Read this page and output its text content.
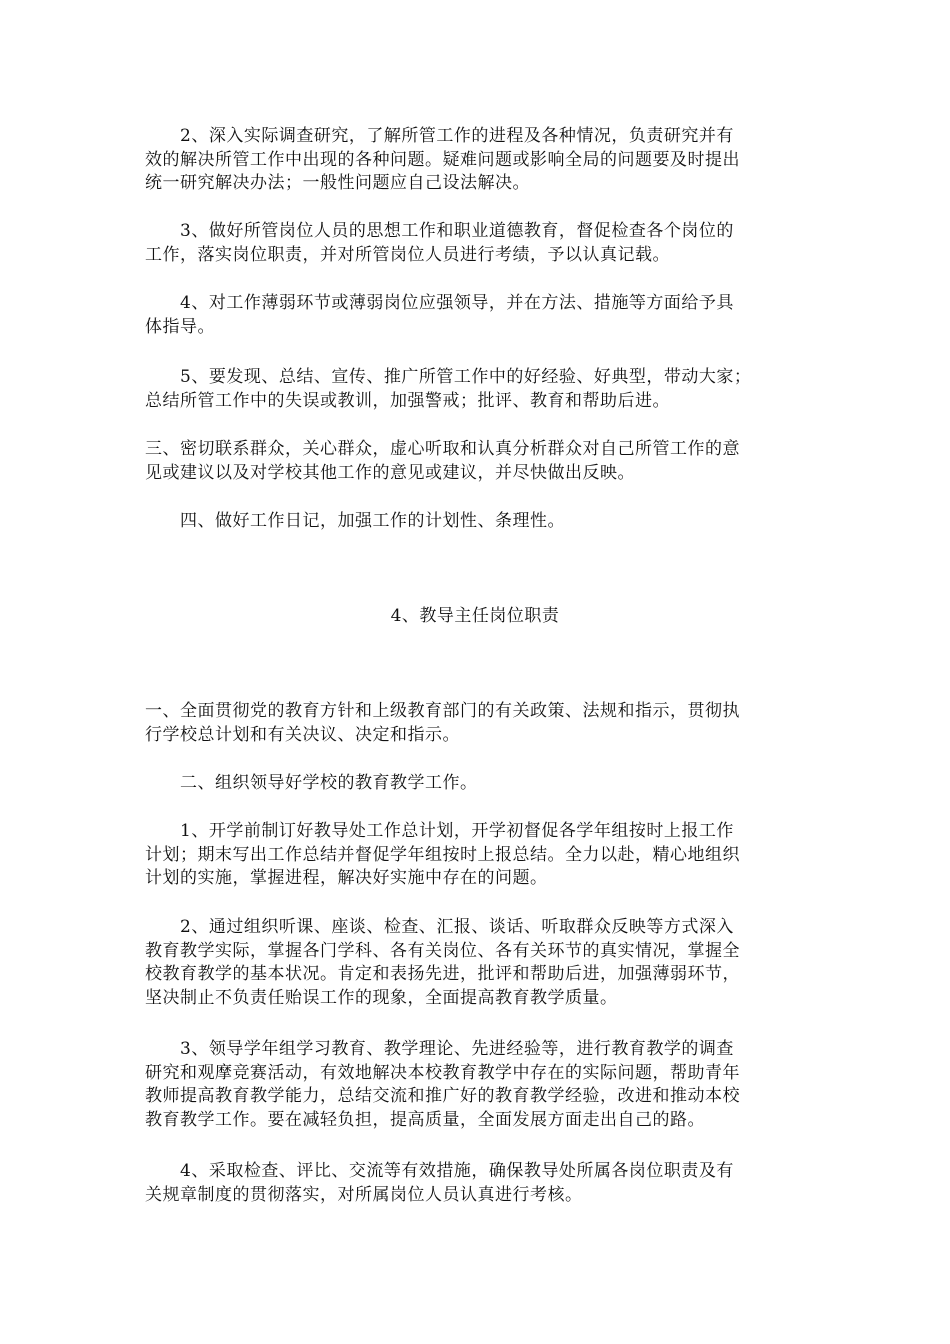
　　2、深入实际调查研究，了解所管工作的进程及各种情况，负责研究并有
效的解决所管工作中出现的各种问题。疑难问题或影响全局的问题要及时提出
统一研究解决办法；一般性问题应自己设法解决。

　　3、做好所管岗位人员的思想工作和职业道德教育，督促检查各个岗位的
工作，落实岗位职责，并对所管岗位人员进行考绩，予以认真记载。

　　4、对工作薄弱环节或薄弱岗位应强领导，并在方法、措施等方面给予具
体指导。

　　5、要发现、总结、宣传、推广所管工作中的好经验、好典型，带动大家；
总结所管工作中的失误或教训，加强警戒；批评、教育和帮助后进。

三、密切联系群众，关心群众，虚心听取和认真分析群众对自己所管工作的意
见或建议以及对学校其他工作的意见或建议，并尽快做出反映。

　　四、做好工作日记，加强工作的计划性、条理性。

4、教导主任岗位职责

一、全面贯彻党的教育方针和上级教育部门的有关政策、法规和指示，贯彻执
行学校总计划和有关决议、决定和指示。

　　二、组织领导好学校的教育教学工作。

　　1、开学前制订好教导处工作总计划，开学初督促各学年组按时上报工作
计划；期末写出工作总结并督促学年组按时上报总结。全力以赴，精心地组织
计划的实施，掌握进程，解决好实施中存在的问题。

　　2、通过组织听课、座谈、检查、汇报、谈话、听取群众反映等方式深入
教育教学实际，掌握各门学科、各有关岗位、各有关环节的真实情况，掌握全
校教育教学的基本状况。肯定和表扬先进，批评和帮助后进，加强薄弱环节，
坚决制止不负责任贻误工作的现象，全面提高教育教学质量。

　　3、领导学年组学习教育、教学理论、先进经验等，进行教育教学的调查
研究和观摩竞赛活动，有效地解决本校教育教学中存在的实际问题，帮助青年
教师提高教育教学能力，总结交流和推广好的教育教学经验，改进和推动本校
教育教学工作。要在减轻负担，提高质量，全面发展方面走出自己的路。

　　4、采取检查、评比、交流等有效措施，确保教导处所属各岗位职责及有
关规章制度的贯彻落实，对所属岗位人员认真进行考核。
